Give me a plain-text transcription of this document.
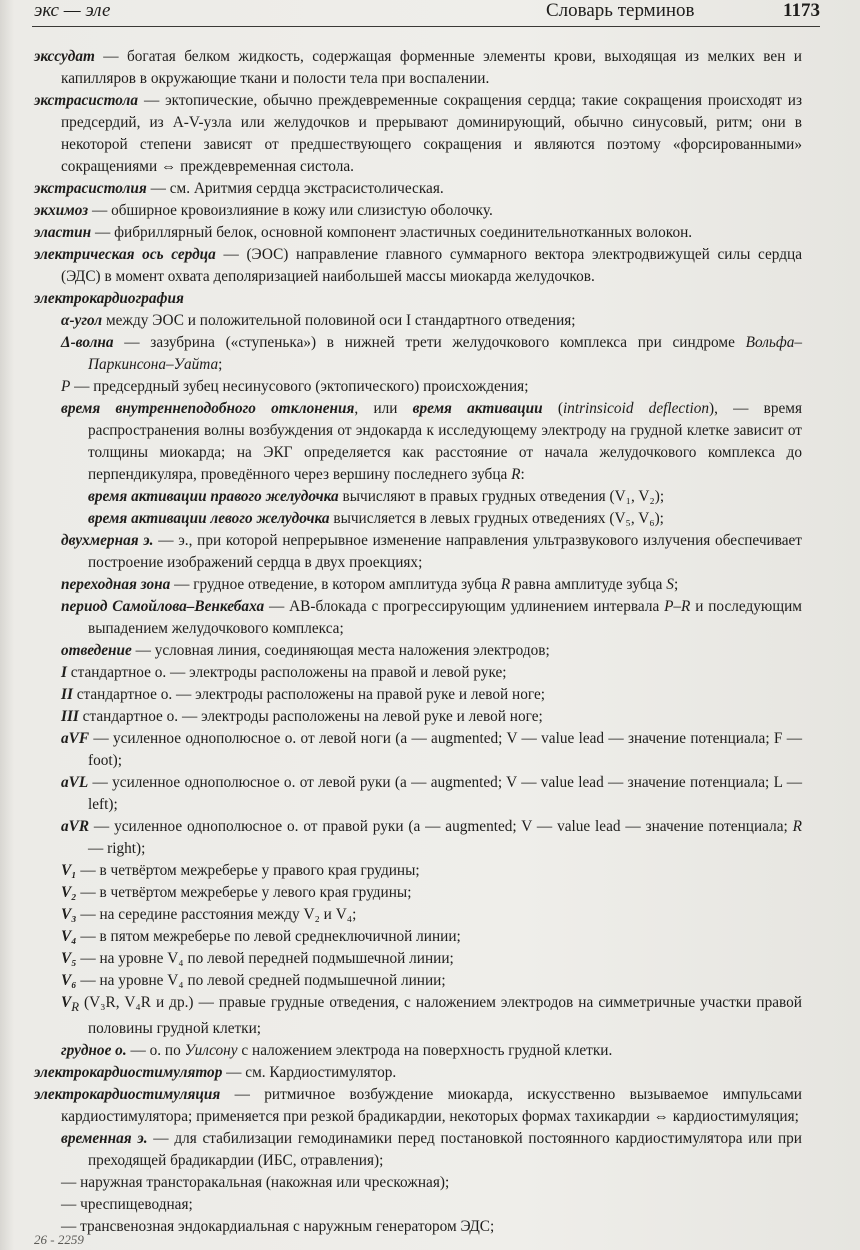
экс — эле	Словарь терминов	1173

экссудат — богатая белком жидкость, содержащая форменные элементы крови, выходящая из мелких вен и капилляров в окружающие ткани и полости тела при воспалении.

экстрасистола — эктопические, обычно преждевременные сокращения сердца; такие сокращения происходят из предсердий, из A-V-узла или желудочков и прерывают доминирующий, обычно синусовый, ритм; они в некоторой степени зависят от предшествующего сокращения и являются поэтому «форсированными» сокращениями ⇔ преждевременная систола.

экстрасистолия — см. Аритмия сердца экстрасистолическая.

экхимоз — обширное кровоизлияние в кожу или слизистую оболочку.

эластин — фибриллярный белок, основной компонент эластичных соединительнотканных волокон.

электрическая ось сердца — (ЭОС) направление главного суммарного вектора электродвижущей силы сердца (ЭДС) в момент охвата деполяризацией наибольшей массы миокарда желудочков.

электрокардиография

α-угол между ЭОС и положительной половиной оси I стандартного отведения;

Δ-волна — зазубрина («ступенька») в нижней трети желудочкового комплекса при синдроме Вольфа–Паркинсона–Уайта;

P — предсердный зубец несинусового (эктопического) происхождения;

время внутреннеподобного отклонения, или время активации (intrinsicoid deflection), — время распространения волны возбуждения от эндокарда к исследующему электроду на грудной клетке зависит от толщины миокарда; на ЭКГ определяется как расстояние от начала желудочкового комплекса до перпендикуляра, проведённого через вершину последнего зубца R:

время активации правого желудочка вычисляют в правых грудных отведения (V₁, V₂);

время активации левого желудочка вычисляется в левых грудных отведениях (V₅, V₆);

двухмерная э. — э., при которой непрерывное изменение направления ультразвукового излучения обеспечивает построение изображений сердца в двух проекциях;

переходная зона — грудное отведение, в котором амплитуда зубца R равна амплитуде зубца S;

период Самойлова–Венкебаха — АВ-блокада с прогрессирующим удлинением интервала P–R и последующим выпадением желудочкового комплекса;

отведение — условная линия, соединяющая места наложения электродов;

I стандартное о. — электроды расположены на правой и левой руке;

II стандартное о. — электроды расположены на правой руке и левой ноге;

III стандартное о. — электроды расположены на левой руке и левой ноге;

aVF — усиленное однополюсное о. от левой ноги (a — augmented; V — value lead — значение потенциала; F — foot);

aVL — усиленное однополюсное о. от левой руки (a — augmented; V — value lead — значение потенциала; L — left);

aVR — усиленное однополюсное о. от правой руки (a — augmented; V — value lead — значение потенциала; R — right);

V₁ — в четвёртом межреберье у правого края грудины;

V₂ — в четвёртом межреберье у левого края грудины;

V₃ — на середине расстояния между V₂ и V₄;

V₄ — в пятом межреберье по левой среднеключичной линии;

V₅ — на уровне V₄ по левой передней подмышечной линии;

V₆ — на уровне V₄ по левой средней подмышечной линии;

$V_R$ (V₃R, V₄R и др.) — правые грудные отведения, с наложением электродов на симметричные участки правой половины грудной клетки;

грудное о. — о. по Уилсону с наложением электрода на поверхность грудной клетки.

электрокардиостимулятор — см. Кардиостимулятор.

электрокардиостимуляция — ритмичное возбуждение миокарда, искусственно вызываемое импульсами кардиостимулятора; применяется при резкой брадикардии, некоторых формах тахикардии ⇔ кардиостимуляция;

временная э. — для стабилизации гемодинамики перед постановкой постоянного кардиостимулятора или при преходящей брадикардии (ИБС, отравления);

— наружная трансторакальная (накожная или чрескожная);

— чреспищеводная;

— трансвенозная эндокардиальная с наружным генератором ЭДС;

26 - 2259
